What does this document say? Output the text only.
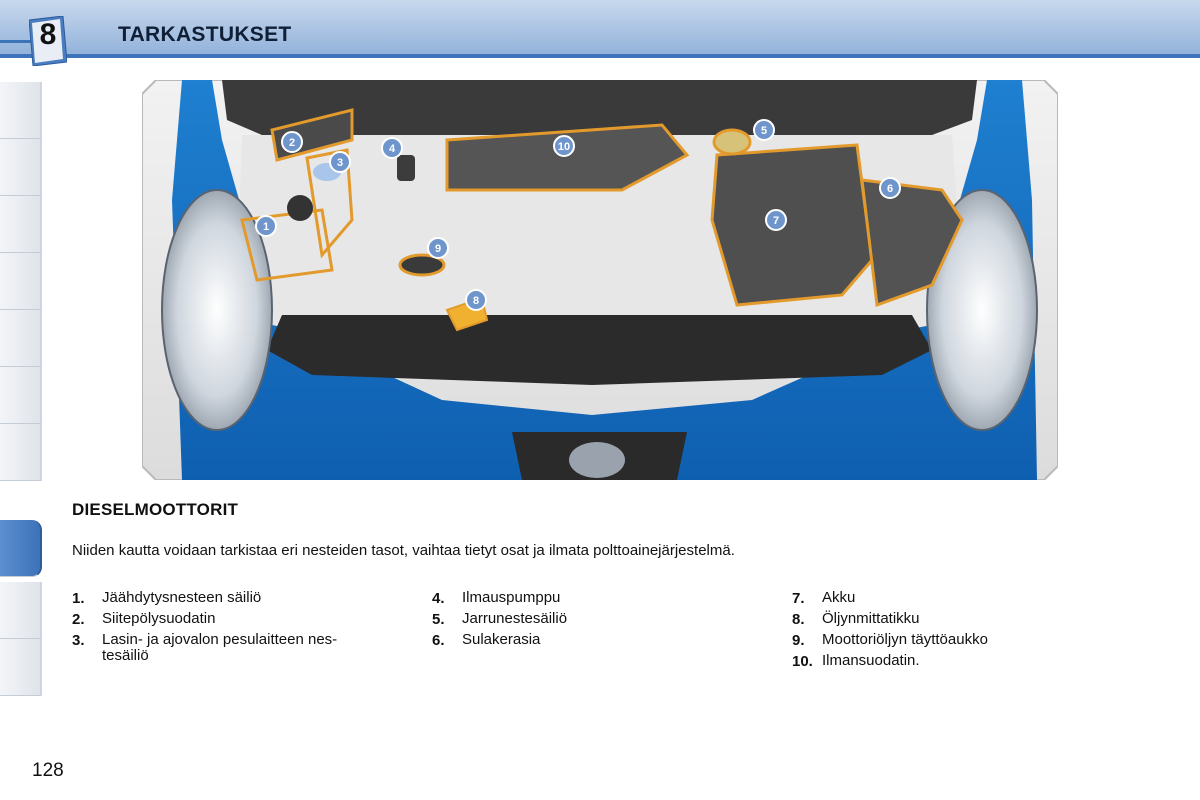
8	TARKASTUKSET
1
2
3
4
5
6
7
8
9
10
DIESELMOOTTORIT
Niiden kautta voidaan tarkistaa eri nesteiden tasot, vaihtaa tietyt osat ja ilmata polttoainejärjestelmä.
1.	Jäähdytysnesteen säiliö
2.	Siitepölysuodatin
3.	Lasin- ja ajovalon pesulaitteen nes-
tesäiliö
4.	Ilmauspumppu
5.	Jarrunestesäiliö
6.	Sulakerasia
7.	Akku
8.	Öljynmittatikku
9.	Moottoriöljyn täyttöaukko
10. Ilmansuodatin.
128
